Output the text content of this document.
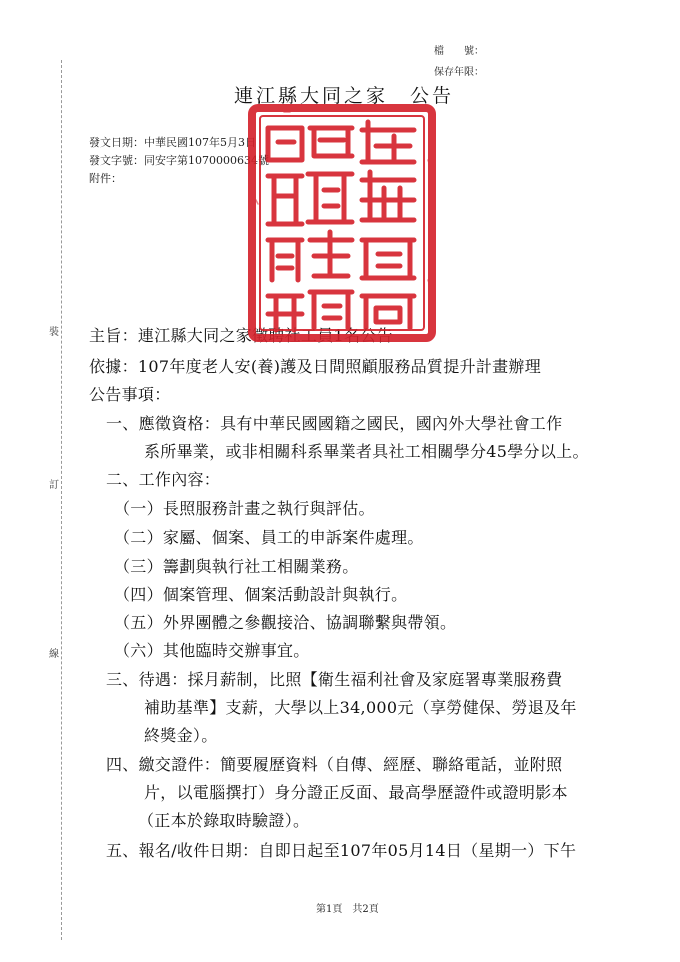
裝
訂
線
檔　　號：
保存年限：
連江縣大同之家　公告
發文日期：中華民國107年5月3日
發文字號：同安字第1070000634號
附件：
主旨：連江縣大同之家徵聘社工員1名公告
依據：107年度老人安(養)護及日間照顧服務品質提升計畫辦理
公告事項：
一、應徵資格：具有中華民國國籍之國民，國內外大學社會工作
系所畢業，或非相關科系畢業者具社工相關學分45學分以上。
二、工作內容：
（一）長照服務計畫之執行與評估。
（二）家屬、個案、員工的申訴案件處理。
（三）籌劃與執行社工相關業務。
（四）個案管理、個案活動設計與執行。
（五）外界團體之參觀接洽、協調聯繫與帶領。
（六）其他臨時交辦事宜。
三、待遇：採月薪制，比照【衛生福利社會及家庭署專業服務費
補助基準】支薪，大學以上34,000元（享勞健保、勞退及年
終獎金）。
四、繳交證件：簡要履歷資料（自傳、經歷、聯絡電話，並附照
片，以電腦撰打）身分證正反面、最高學歷證件或證明影本
（正本於錄取時驗證）。
五、報名/收件日期：自即日起至107年05月14日（星期一）下午
第1頁　共2頁
